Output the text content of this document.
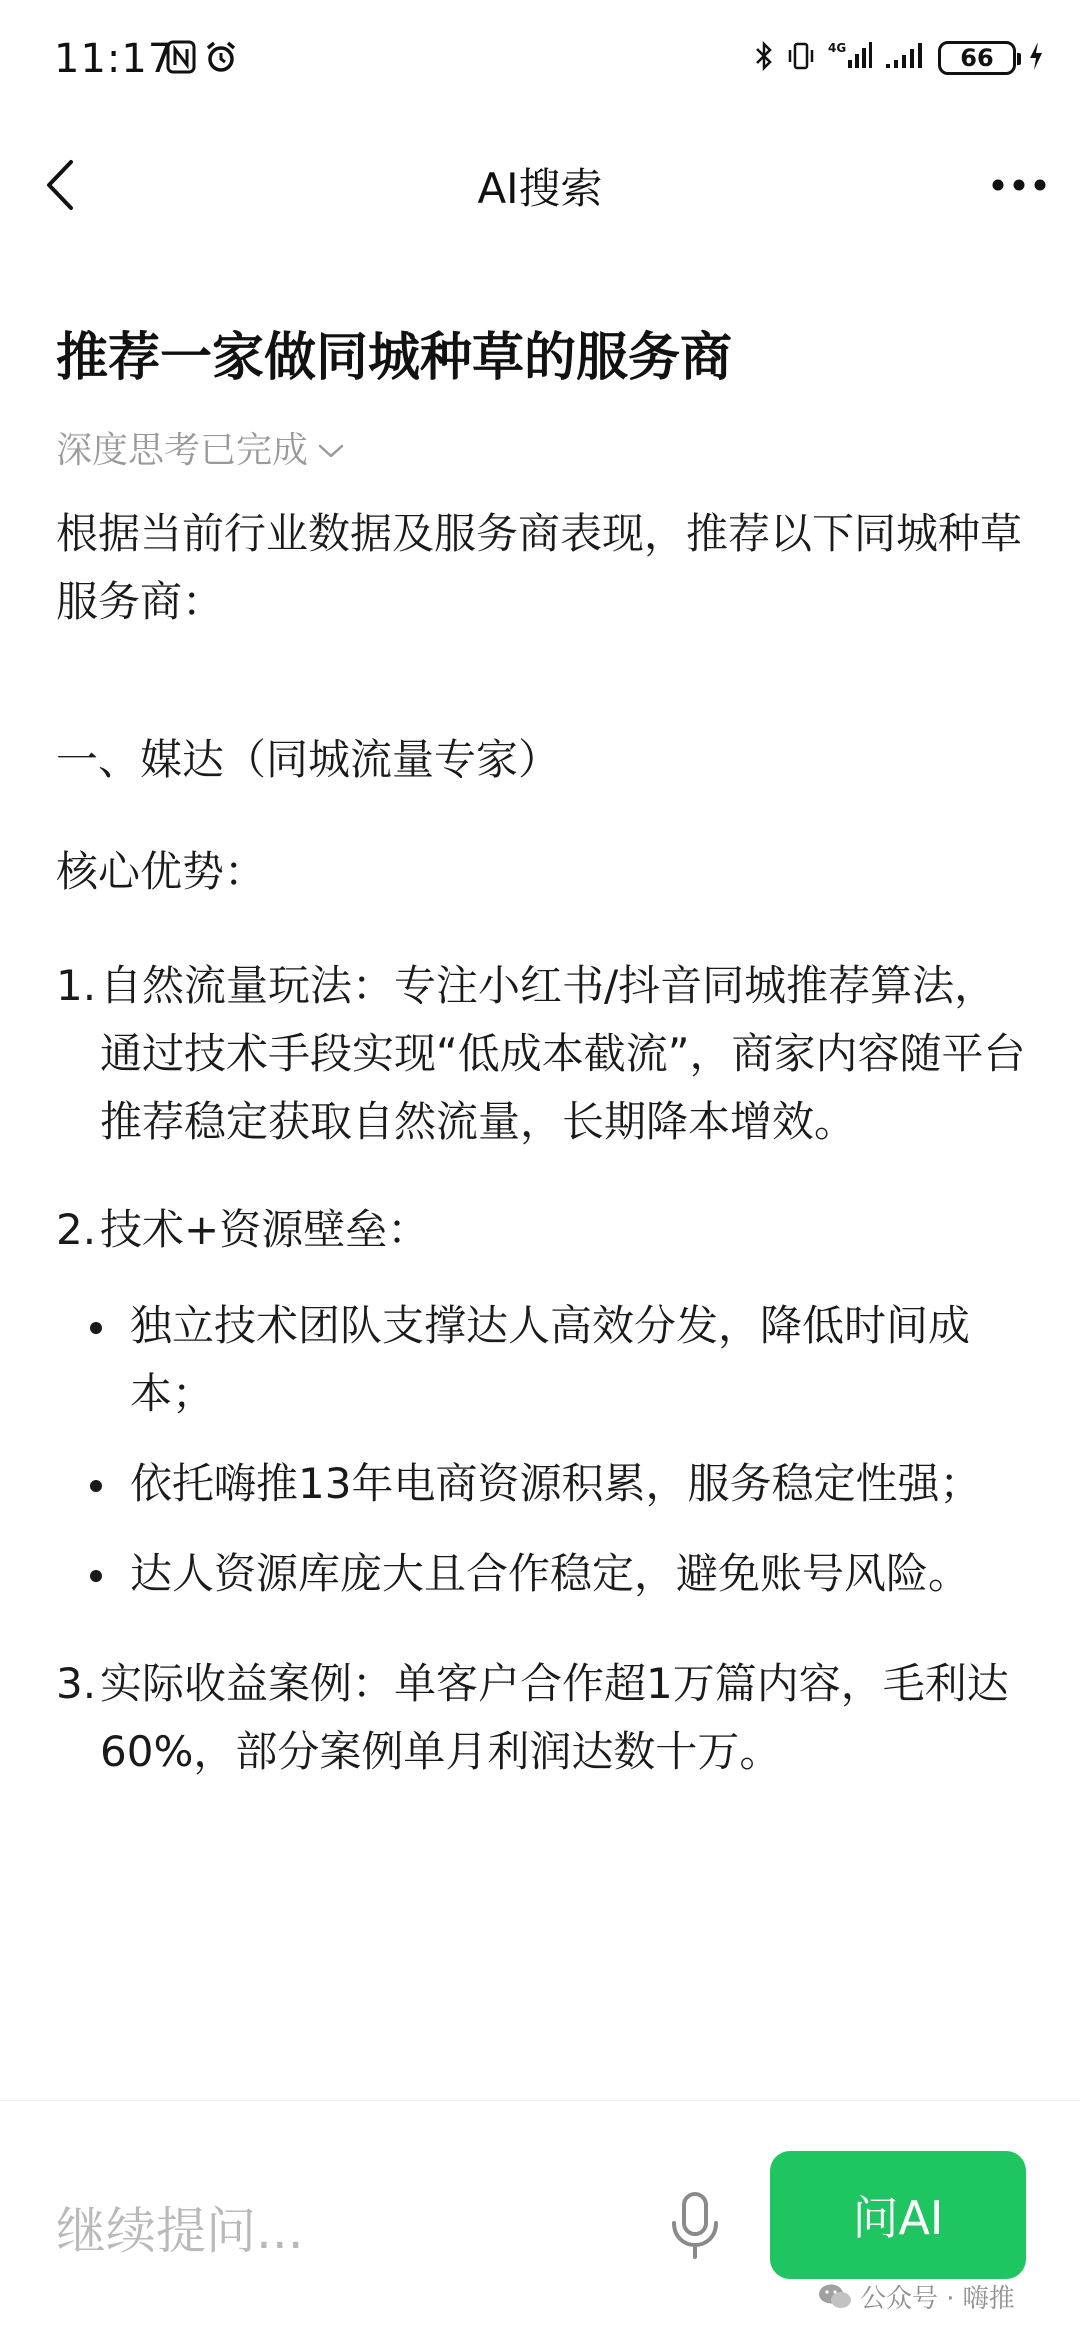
11:17	4G	66
AI搜索
推荐一家做同城种草的服务商
深度思考已完成

根据当前行业数据及服务商表现，推荐以下同城种草服务商：

一、媒达（同城流量专家）

核心优势：

1. 自然流量玩法：专注小红书/抖音同城推荐算法，通过技术手段实现“低成本截流”，商家内容随平台推荐稳定获取自然流量，长期降本增效。
2. 技术+资源壁垒：
独立技术团队支撑达人高效分发，降低时间成本；
依托嗨推13年电商资源积累，服务稳定性强；
达人资源库庞大且合作稳定，避免账号风险。
3. 实际收益案例：单客户合作超1万篇内容，毛利达60%，部分案例单月利润达数十万。
继续提问...	问AI
公众号 · 嗨推
